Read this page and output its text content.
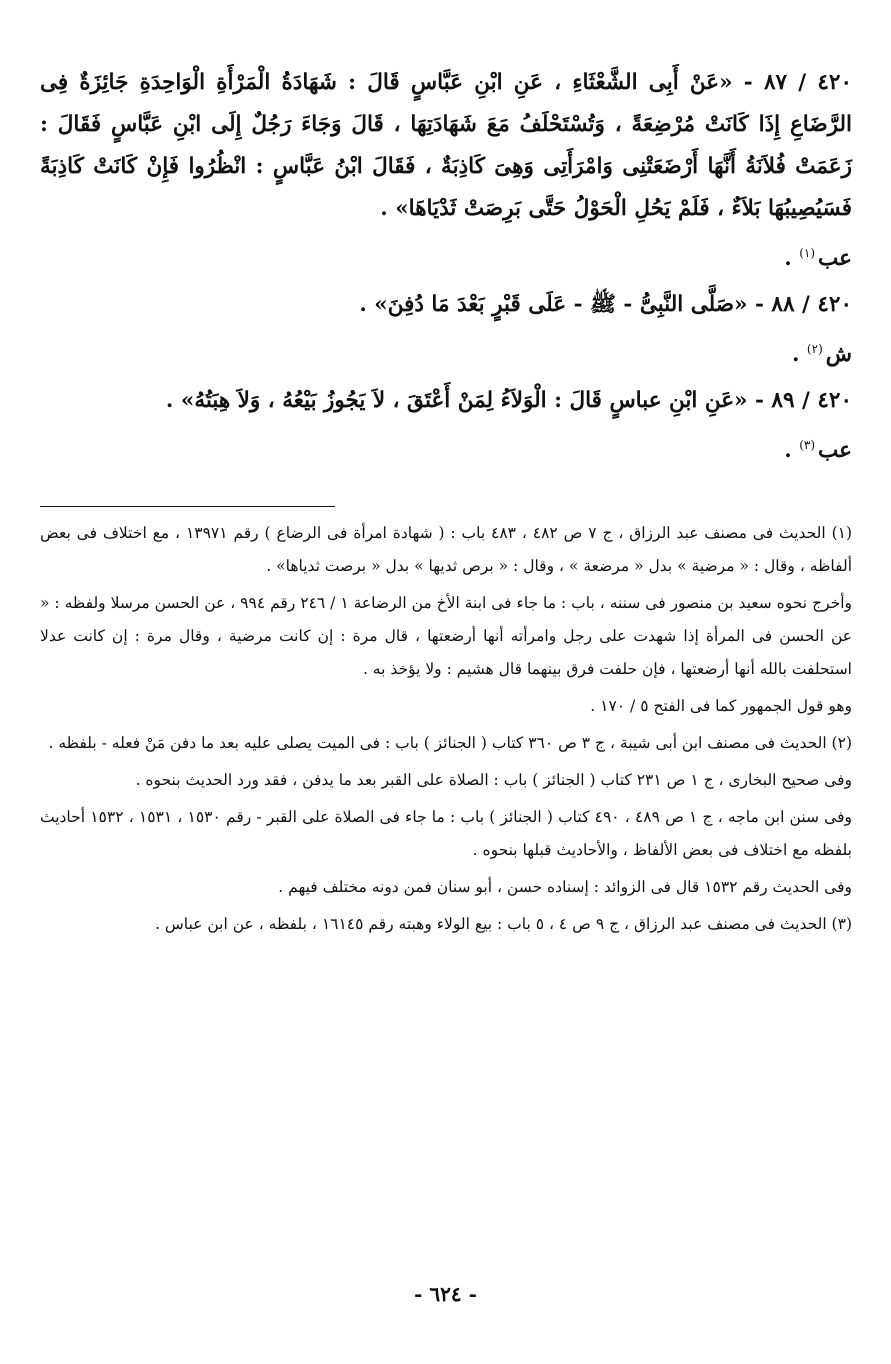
٤٢٠ / ٨٧ - «عَنْ أَبِى الشَّعْثَاءِ ، عَنِ ابْنِ عَبَّاسٍ قَالَ : شَهَادَةُ الْمَرْأَةِ الْوَاحِدَةِ جَائِزَةٌ فِى الرَّضَاعِ إِذَا كَانَتْ مُرْضِعَةً ، وَتُسْتَحْلَفُ مَعَ شَهَادَتِهَا ، قَالَ وَجَاءَ رَجُلٌ إِلَى ابْنِ عَبَّاسٍ فَقَالَ : زَعَمَتْ فُلاَنَةُ أَنَّهَا أَرْضَعَتْنِى وَامْرَأَتِى وَهِىَ كَاذِبَةٌ ، فَقَالَ ابْنُ عَبَّاسٍ : انْظُرُوا فَإِنْ كَانَتْ كَاذِبَةً فَسَيُصِيبُهَا بَلاَءٌ ، فَلَمْ يَحُلِ الْحَوْلُ حَتَّى بَرِصَتْ ثَدْيَاهَا» .

عب$^{(١)}$ .

٤٢٠ / ٨٨ - «صَلَّى النَّبِىُّ - ﷺ - عَلَى قَبْرٍ بَعْدَ مَا دُفِنَ» .

ش$^{(٢)}$ .

٤٢٠ / ٨٩ - «عَنِ ابْنِ عباسٍ قَالَ : الْوَلاَءُ لِمَنْ أَعْتَقَ ، لاَ يَجُوزُ بَيْعُهُ ، وَلاَ هِبَتُهُ» .

عب$^{(٣)}$ .

(١) الحديث فى مصنف عبد الرزاق ، ج ٧ ص ٤٨٢ ، ٤٨٣ باب : ( شهادة امرأة فى الرضاع ) رقم ١٣٩٧١ ، مع اختلاف فى بعض ألفاظه ، وقال : « مرضية » بدل « مرضعة » ، وقال : « برص ثديها » بدل « برصت ثدياها» .

وأخرج نحوه سعيد بن منصور فى سننه ، باب : ما جاء فى ابنة الأخ من الرضاعة ١ / ٢٤٦ رقم ٩٩٤ ، عن الحسن مرسلا ولفظه : « عن الحسن فى المرأة إذا شهدت على رجل وامرأته أنها أرضعتها ، قال مرة : إن كانت مرضية ، وقال مرة : إن كانت عدلا استحلفت بالله أنها أرضعتها ، فإن حلفت فرق بينهما قال هشيم : ولا يؤخذ به .

وهو قول الجمهور كما فى الفتح ٥ / ١٧٠ .

(٢) الحديث فى مصنف ابن أبى شيبة ، ج ٣ ص ٣٦٠ كتاب ( الجنائز ) باب : فى الميت يصلى عليه بعد ما دفن مَنْ فعله - بلفظه .

وفى صحيح البخارى ، ج ١ ص ٢٣١ كتاب ( الجنائز ) باب : الصلاة على القبر بعد ما يدفن ، فقد ورد الحديث بنحوه .

وفى سنن ابن ماجه ، ج ١ ص ٤٨٩ ، ٤٩٠ كتاب ( الجنائز ) باب : ما جاء فى الصلاة على القبر - رقم ١٥٣٠ ، ١٥٣١ ، ١٥٣٢ أحاديث بلفظه مع اختلاف فى بعض الألفاظ ، والأحاديث قبلها بنحوه .

وفى الحديث رقم ١٥٣٢ قال فى الزوائد : إسناده حسن ، أبو سنان فمن دونه مختلف فيهم .

(٣) الحديث فى مصنف عبد الرزاق ، ج ٩ ص ٤ ، ٥ باب : بيع الولاء وهبته رقم ١٦١٤٥ ، بلفظه ، عن ابن عباس .

- ٦٢٤ -
